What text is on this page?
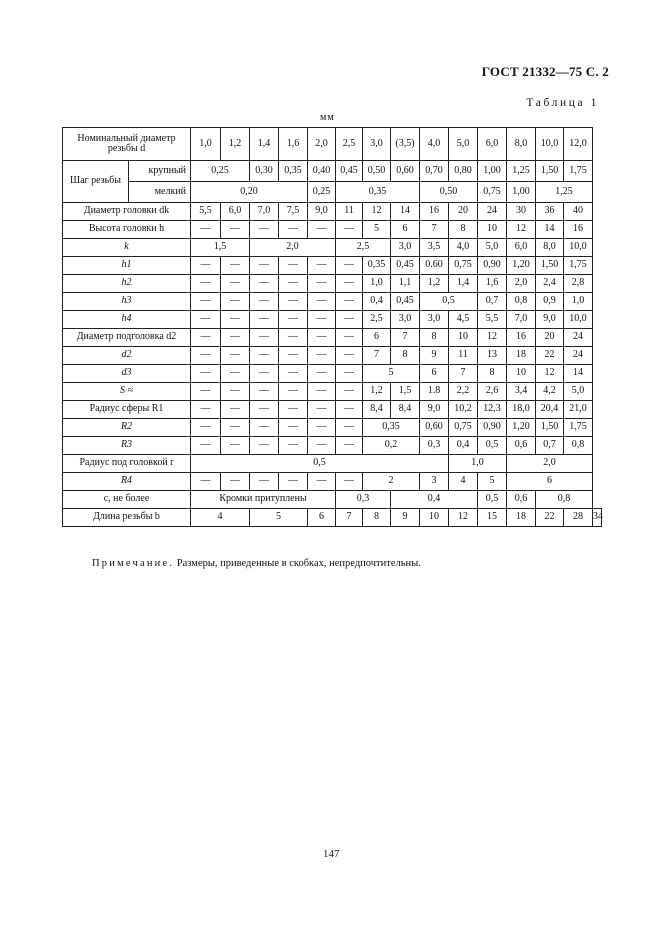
ГОСТ 21332—75 С. 2
Таблица 1
мм
Номинальный диаметр резьбы d		1,0	1,2	1,4	1,6	2,0	2,5	3,0	(3,5)	4,0	5,0	6,0	8,0	10,0	12,0	
Шаг резьбы	крупный	0,25		0,30	0,35	0,40	0,45	0,50	0,60	0,70	0,80	1,00	1,25	1,50	1,75	
	мелкий	0,20				0,25	0,35			0,50		0,75	1,00	1,25		
Диаметр головки dk		5,5	6,0	7,0	7,5	9,0	11	12	14	16	20	24	30	36	40	
Высота головки h		—	—	—	—	—	—	5	6	7	8	10	12	14	16	
k		1,5		2,0			2,5		3,0	3,5	4,0	5,0	6,0	8,0	10,0	
h1		—	—	—	—	—	—	0,35	0,45	0.60	0,75	0,90	1,20	1,50	1,75	
h2		—	—	—	—	—	—	1,0	1,1	1,2	1,4	1,6	2,0	2,4	2,8	
h3		—	—	—	—	—	—	0,4	0,45	0,5		0,7	0,8	0,9	1,0	
h4		—	—	—	—	—	—	2,5	3,0	3,0	4,5	5,5	7,0	9,0	10,0	
Диаметр подголовка d2		—	—	—	—	—	—	6	7	8	10	12	16	20	24	
d2		—	—	—	—	—	—	7	8	9	11	13	18	22	24	
d3		—	—	—	—	—	—	5		6	7	8	10	12	14	
S ≈		—	—	—	—	—	—	1,2	1,5	1.8	2,2	2,6	3,4	4,2	5,0	
Радиус сферы R1		—	—	—	—	—	—	8,4	8,4	9,0	10,2	12,3	18,0	20,4	21,0	
R2		—	—	—	—	—	—	0,35		0,60	0,75	0,90	1,20	1,50	1,75	
R3		—	—	—	—	—	—	0,2		0,3	0,4	0,5	0,6	0,7	0,8	
Радиус под головкой r		0,5									1,0		2,0			
R4		—	—	—	—	—	—	2		3	4	5	6			
с, не более		Кромки притуплены					0,3		0,4			0,5	0,6	0,8		
Длина резьбы b		4		5		6	7	8	9	10	12	15	18	22	28	34
Примечание. Размеры, приведенные в скобках, непредпочтительны.
147
